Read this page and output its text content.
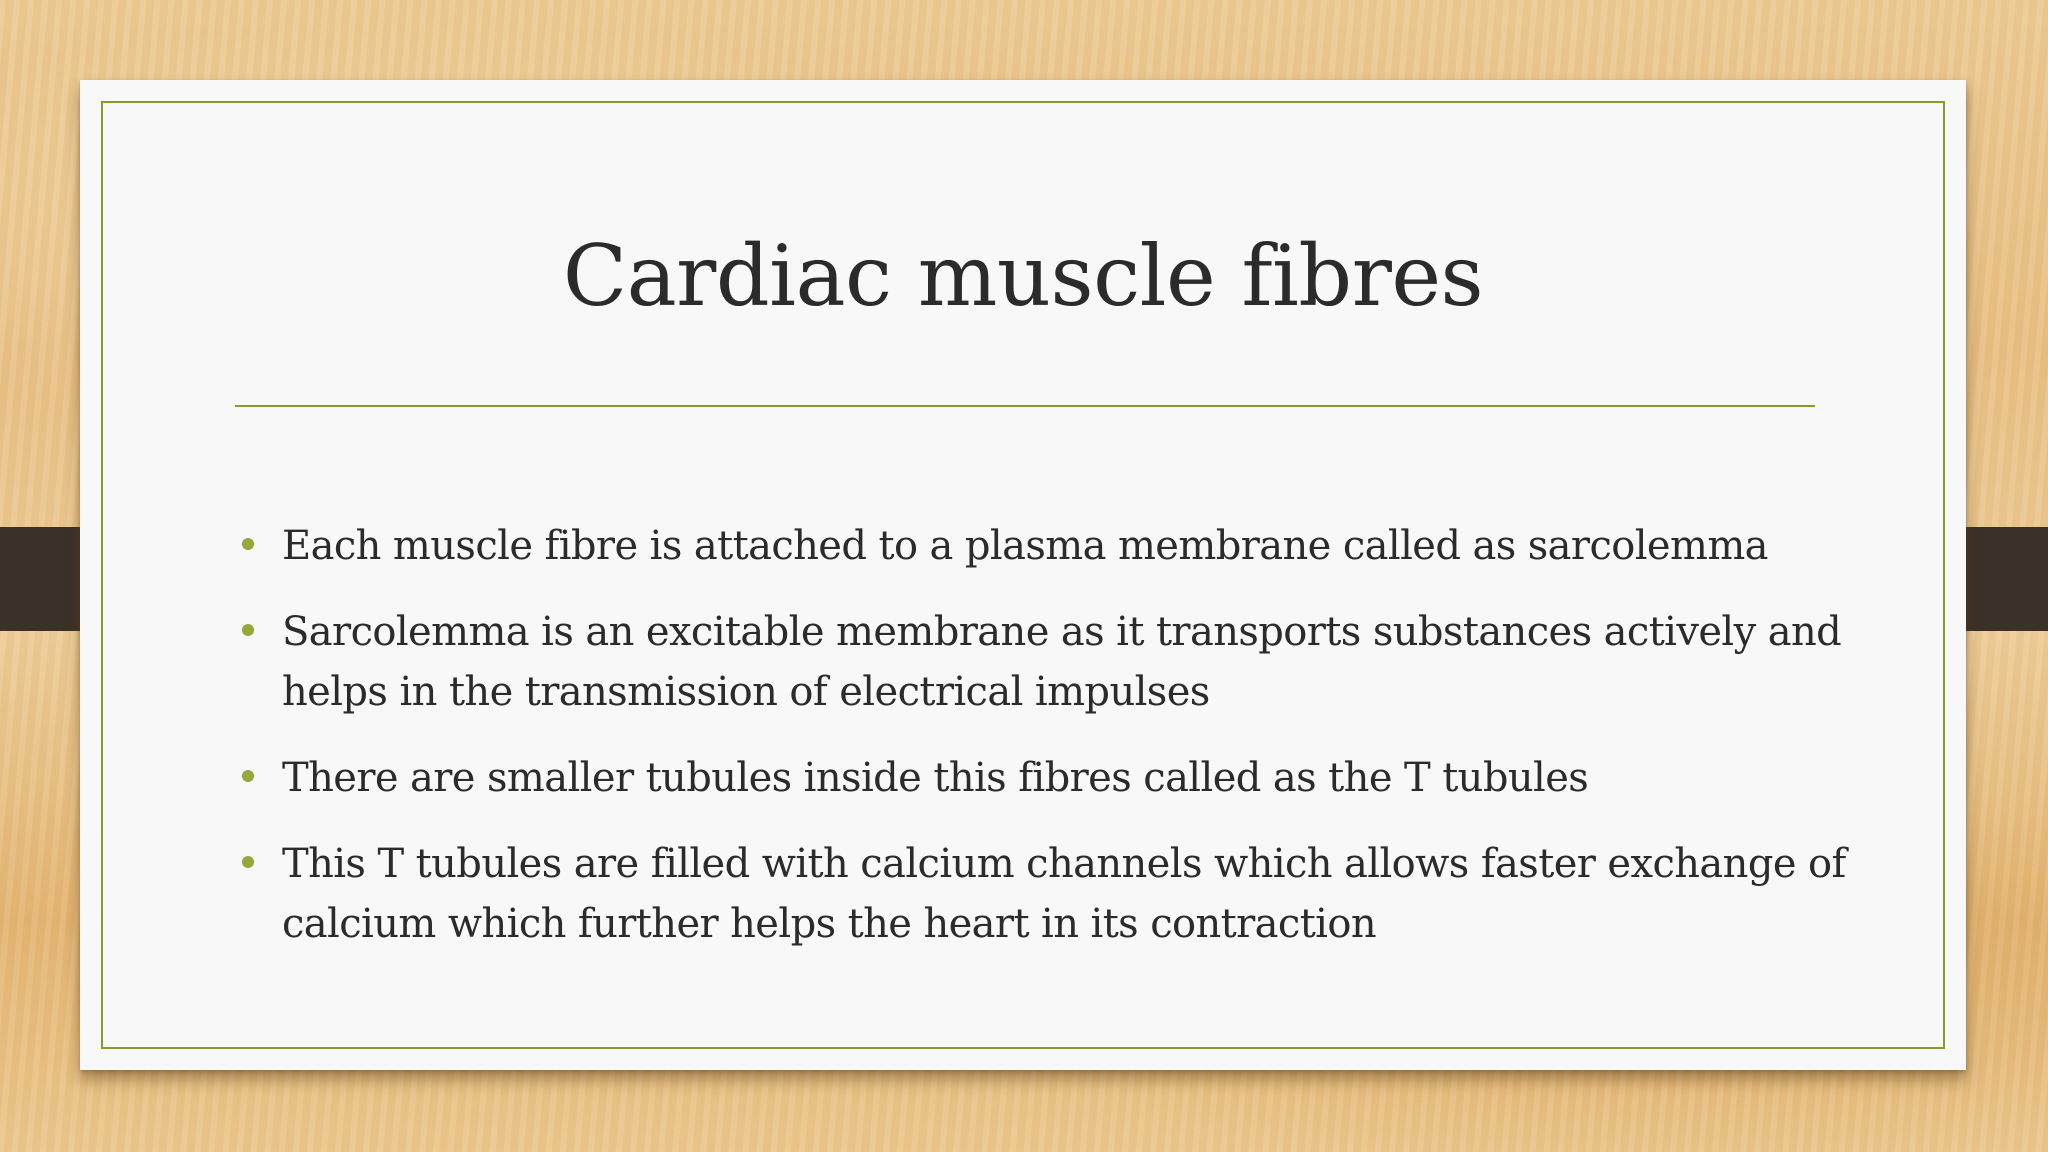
Cardiac muscle fibres
Each muscle fibre is attached to a plasma membrane called as sarcolemma
Sarcolemma is an excitable membrane as it transports substances actively and helps in the transmission of electrical impulses
There are smaller tubules inside this fibres called as the T tubules
This T tubules are filled with calcium channels which allows faster exchange of calcium which further helps the heart in its contraction
